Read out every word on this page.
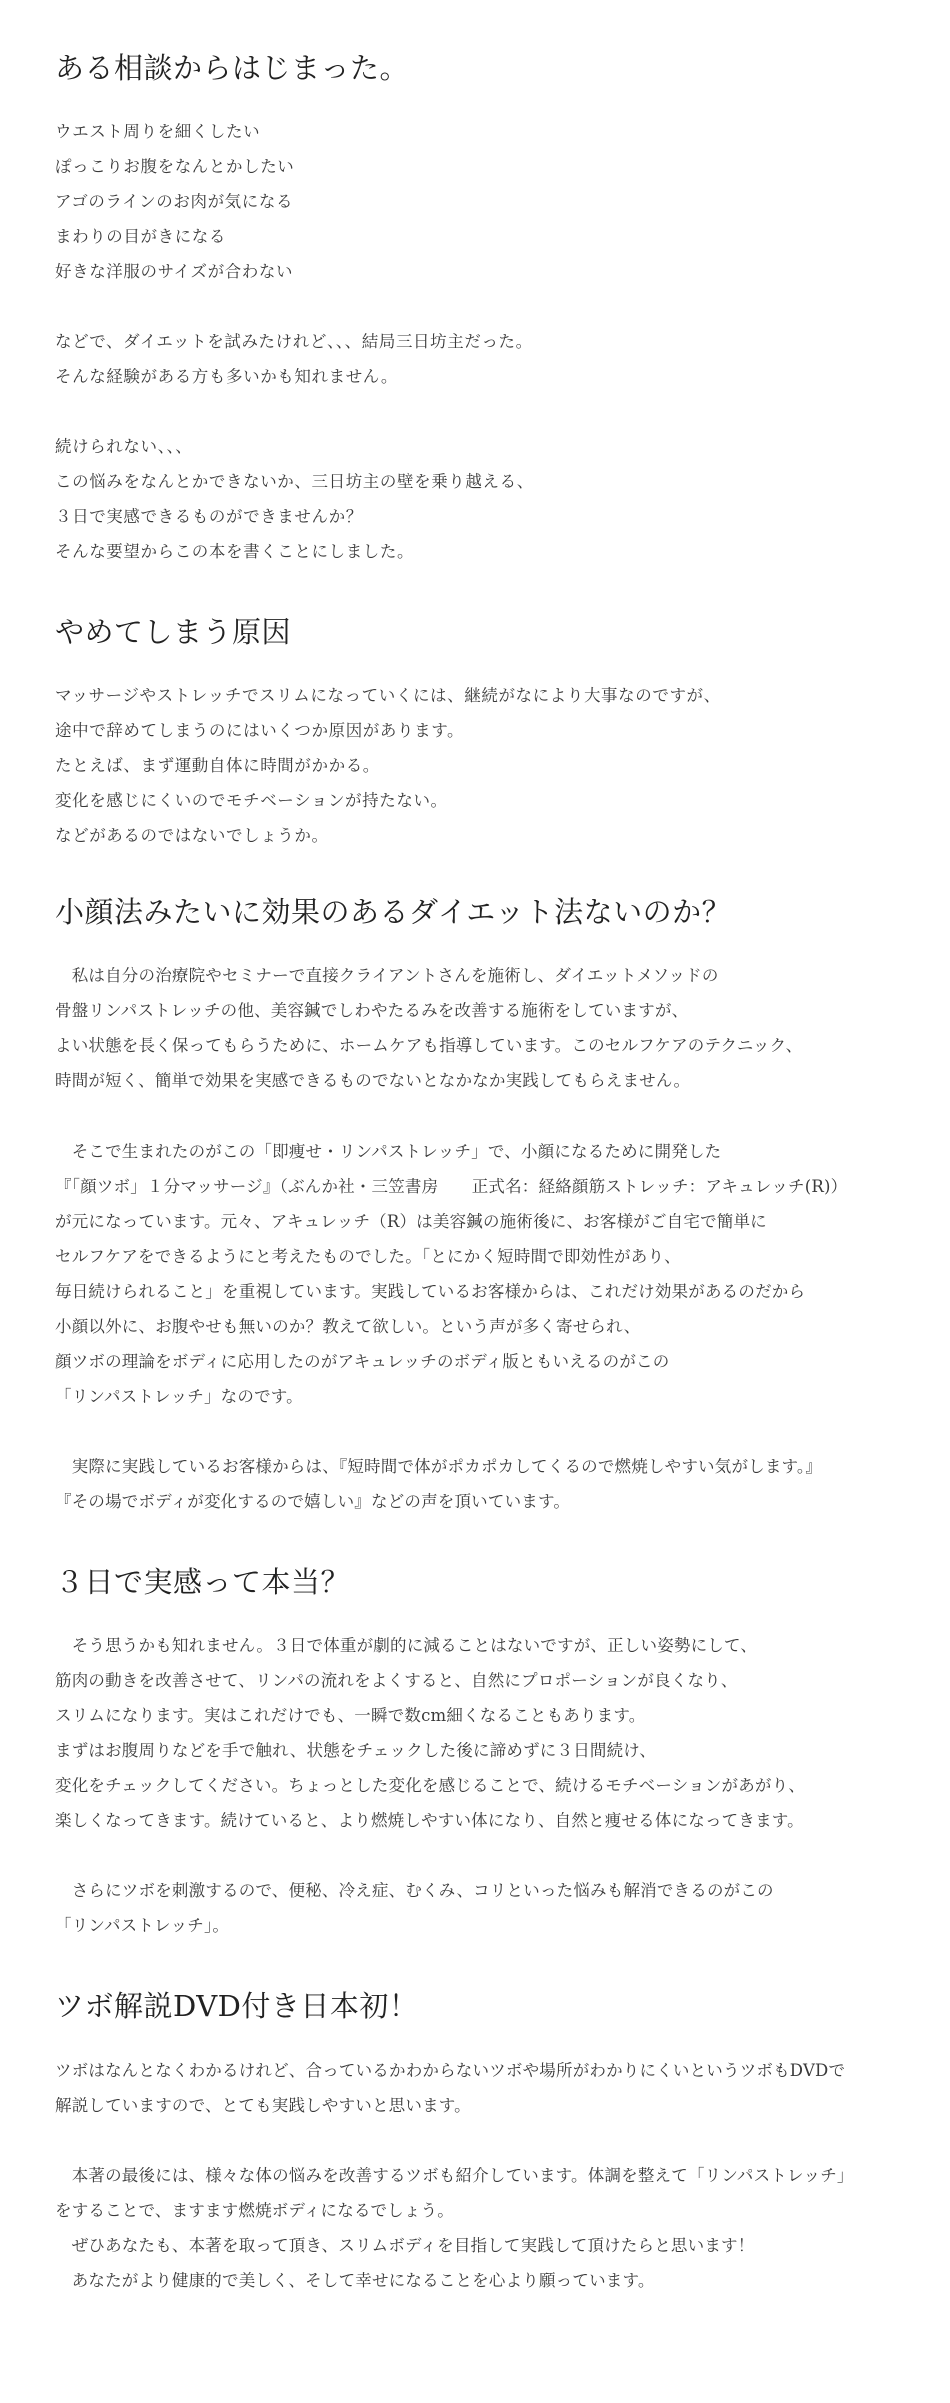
ある相談からはじまった。

ウエスト周りを細くしたい

ぽっこりお腹をなんとかしたい

アゴのラインのお肉が気になる

まわりの目がきになる

好きな洋服のサイズが合わない

などで、ダイエットを試みたけれど、、、結局三日坊主だった。

そんな経験がある方も多いかも知れません。

続けられない、、、

この悩みをなんとかできないか、三日坊主の壁を乗り越える、

３日で実感できるものができませんか？

そんな要望からこの本を書くことにしました。

やめてしまう原因

マッサージやストレッチでスリムになっていくには、継続がなにより大事なのですが、

途中で辞めてしまうのにはいくつか原因があります。

たとえば、まず運動自体に時間がかかる。

変化を感じにくいのでモチベーションが持たない。

などがあるのではないでしょうか。

小顔法みたいに効果のあるダイエット法ないのか？

　私は自分の治療院やセミナーで直接クライアントさんを施術し、ダイエットメソッドの

骨盤リンパストレッチの他、美容鍼でしわやたるみを改善する施術をしていますが、

よい状態を長く保ってもらうために、ホームケアも指導しています。このセルフケアのテクニック、

時間が短く、簡単で効果を実感できるものでないとなかなか実践してもらえません。

　そこで生まれたのがこの「即痩せ・リンパストレッチ」で、小顔になるために開発した

『「顔ツボ」１分マッサージ』（ぶんか社・三笠書房　　正式名：経絡顔筋ストレッチ：アキュレッチ(R)）

が元になっています。元々、アキュレッチ（R）は美容鍼の施術後に、お客様がご自宅で簡単に

セルフケアをできるようにと考えたものでした。「とにかく短時間で即効性があり、

毎日続けられること」を重視しています。実践しているお客様からは、これだけ効果があるのだから

小顔以外に、お腹やせも無いのか？教えて欲しい。という声が多く寄せられ、

顔ツボの理論をボディに応用したのがアキュレッチのボディ版ともいえるのがこの

「リンパストレッチ」なのです。

　実際に実践しているお客様からは、『短時間で体がポカポカしてくるので燃焼しやすい気がします。』

『その場でボディが変化するので嬉しい』などの声を頂いています。

３日で実感って本当？

　そう思うかも知れません。３日で体重が劇的に減ることはないですが、正しい姿勢にして、

筋肉の動きを改善させて、リンパの流れをよくすると、自然にプロポーションが良くなり、

スリムになります。実はこれだけでも、一瞬で数cm細くなることもあります。

まずはお腹周りなどを手で触れ、状態をチェックした後に諦めずに３日間続け、

変化をチェックしてください。ちょっとした変化を感じることで、続けるモチベーションがあがり、

楽しくなってきます。続けていると、より燃焼しやすい体になり、自然と痩せる体になってきます。

　さらにツボを刺激するので、便秘、冷え症、むくみ、コリといった悩みも解消できるのがこの

「リンパストレッチ」。

ツボ解説DVD付き日本初！

ツボはなんとなくわかるけれど、合っているかわからないツボや場所がわかりにくいというツボもDVDで

解説していますので、とても実践しやすいと思います。

　本著の最後には、様々な体の悩みを改善するツボも紹介しています。体調を整えて「リンパストレッチ」

をすることで、ますます燃焼ボディになるでしょう。

　ぜひあなたも、本著を取って頂き、スリムボディを目指して実践して頂けたらと思います！

　あなたがより健康的で美しく、そして幸せになることを心より願っています。
